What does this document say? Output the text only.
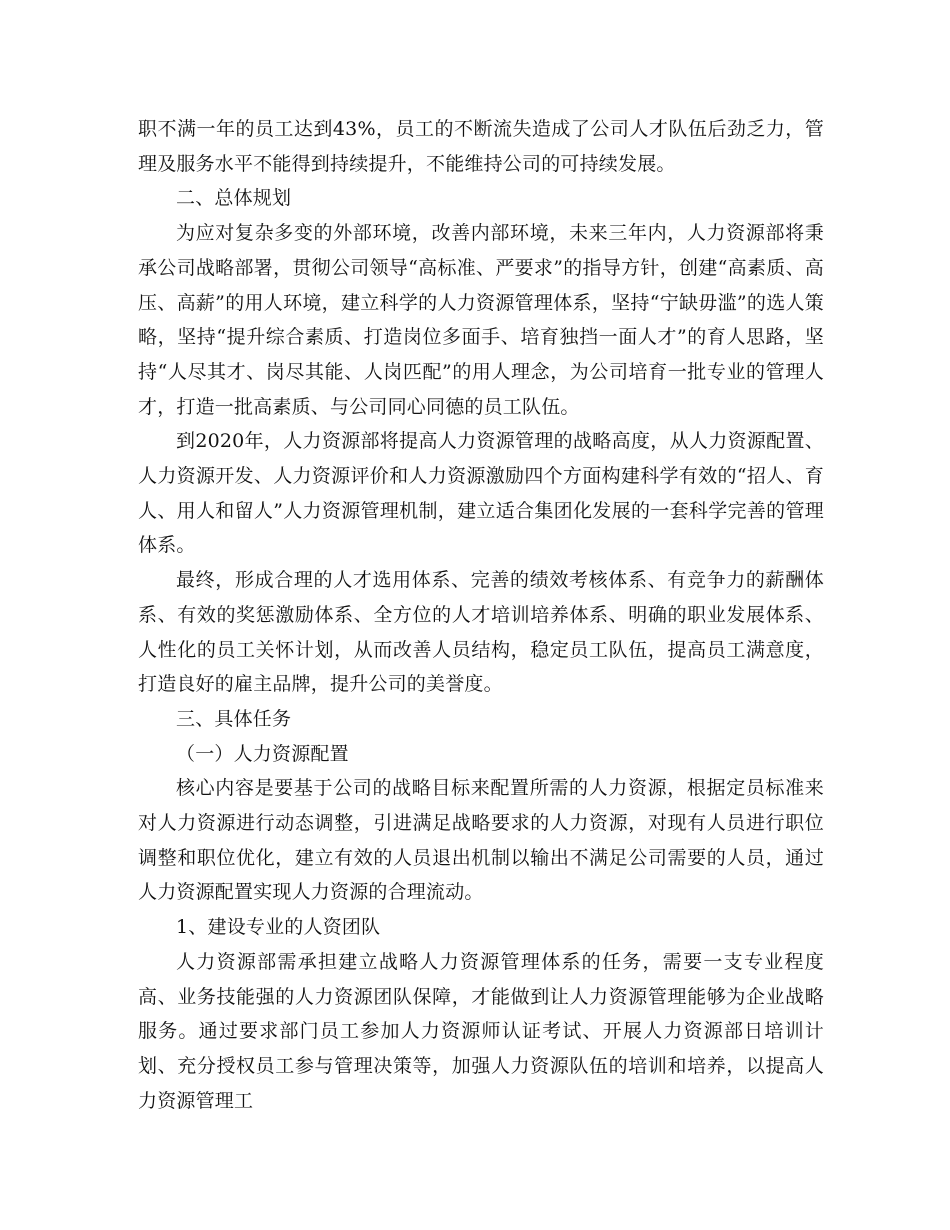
职不满一年的员工达到43%，员工的不断流失造成了公司人才队伍后劲乏力，管理及服务水平不能得到持续提升，不能维持公司的可持续发展。

二、总体规划

为应对复杂多变的外部环境，改善内部环境，未来三年内，人力资源部将秉承公司战略部署，贯彻公司领导“高标准、严要求”的指导方针，创建“高素质、高压、高薪”的用人环境，建立科学的人力资源管理体系，坚持“宁缺毋滥”的选人策略，坚持“提升综合素质、打造岗位多面手、培育独挡一面人才”的育人思路，坚持“人尽其才、岗尽其能、人岗匹配”的用人理念，为公司培育一批专业的管理人才，打造一批高素质、与公司同心同德的员工队伍。

到2020年，人力资源部将提高人力资源管理的战略高度，从人力资源配置、人力资源开发、人力资源评价和人力资源激励四个方面构建科学有效的“招人、育人、用人和留人”人力资源管理机制，建立适合集团化发展的一套科学完善的管理体系。

最终，形成合理的人才选用体系、完善的绩效考核体系、有竞争力的薪酬体系、有效的奖惩激励体系、全方位的人才培训培养体系、明确的职业发展体系、人性化的员工关怀计划，从而改善人员结构，稳定员工队伍，提高员工满意度，打造良好的雇主品牌，提升公司的美誉度。

三、具体任务

（一）人力资源配置

核心内容是要基于公司的战略目标来配置所需的人力资源，根据定员标准来对人力资源进行动态调整，引进满足战略要求的人力资源，对现有人员进行职位调整和职位优化，建立有效的人员退出机制以输出不满足公司需要的人员，通过人力资源配置实现人力资源的合理流动。

1、建设专业的人资团队

人力资源部需承担建立战略人力资源管理体系的任务，需要一支专业程度高、业务技能强的人力资源团队保障，才能做到让人力资源管理能够为企业战略服务。通过要求部门员工参加人力资源师认证考试、开展人力资源部日培训计划、充分授权员工参与管理决策等，加强人力资源队伍的培训和培养，以提高人力资源管理工
